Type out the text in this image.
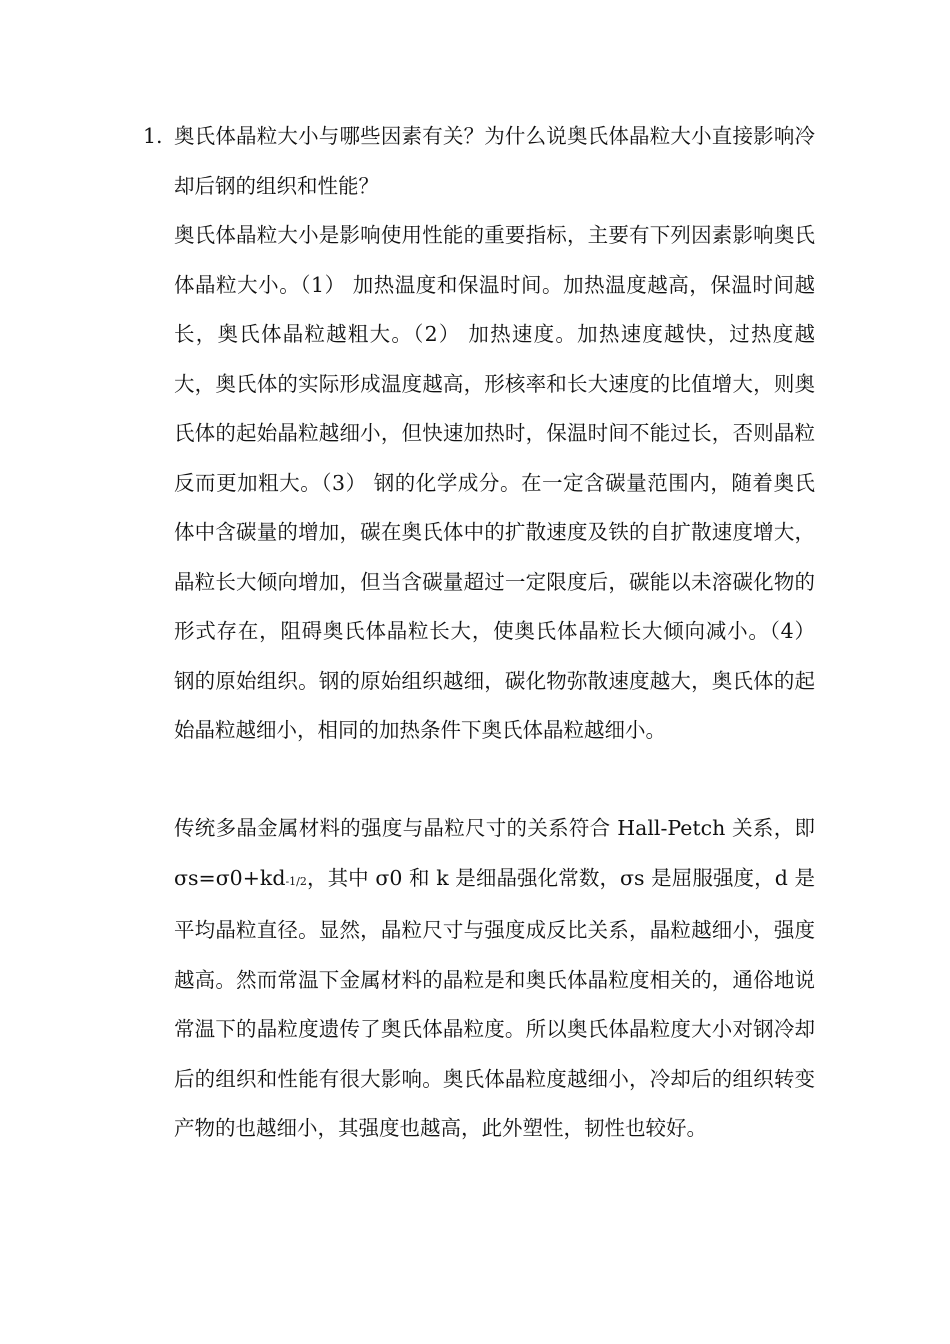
1. 奥氏体晶粒大小与哪些因素有关？为什么说奥氏体晶粒大小直接影响冷却后钢的组织和性能？

奥氏体晶粒大小是影响使用性能的重要指标，主要有下列因素影响奥氏体晶粒大小。（1） 加热温度和保温时间。加热温度越高，保温时间越长，奥氏体晶粒越粗大。（2） 加热速度。加热速度越快，过热度越大，奥氏体的实际形成温度越高，形核率和长大速度的比值增大，则奥氏体的起始晶粒越细小，但快速加热时，保温时间不能过长，否则晶粒反而更加粗大。（3） 钢的化学成分。在一定含碳量范围内，随着奥氏体中含碳量的增加，碳在奥氏体中的扩散速度及铁的自扩散速度增大，晶粒长大倾向增加，但当含碳量超过一定限度后，碳能以未溶碳化物的形式存在，阻碍奥氏体晶粒长大，使奥氏体晶粒长大倾向减小。（4） 钢的原始组织。钢的原始组织越细，碳化物弥散速度越大，奥氏体的起始晶粒越细小，相同的加热条件下奥氏体晶粒越细小。

传统多晶金属材料的强度与晶粒尺寸的关系符合 Hall-Petch 关系，即 σs=σ0+kd-1/2，其中 σ0 和 k 是细晶强化常数，σs 是屈服强度，d 是平均晶粒直径。显然，晶粒尺寸与强度成反比关系，晶粒越细小，强度越高。然而常温下金属材料的晶粒是和奥氏体晶粒度相关的，通俗地说常温下的晶粒度遗传了奥氏体晶粒度。所以奥氏体晶粒度大小对钢冷却后的组织和性能有很大影响。奥氏体晶粒度越细小，冷却后的组织转变产物的也越细小，其强度也越高，此外塑性，韧性也较好。
